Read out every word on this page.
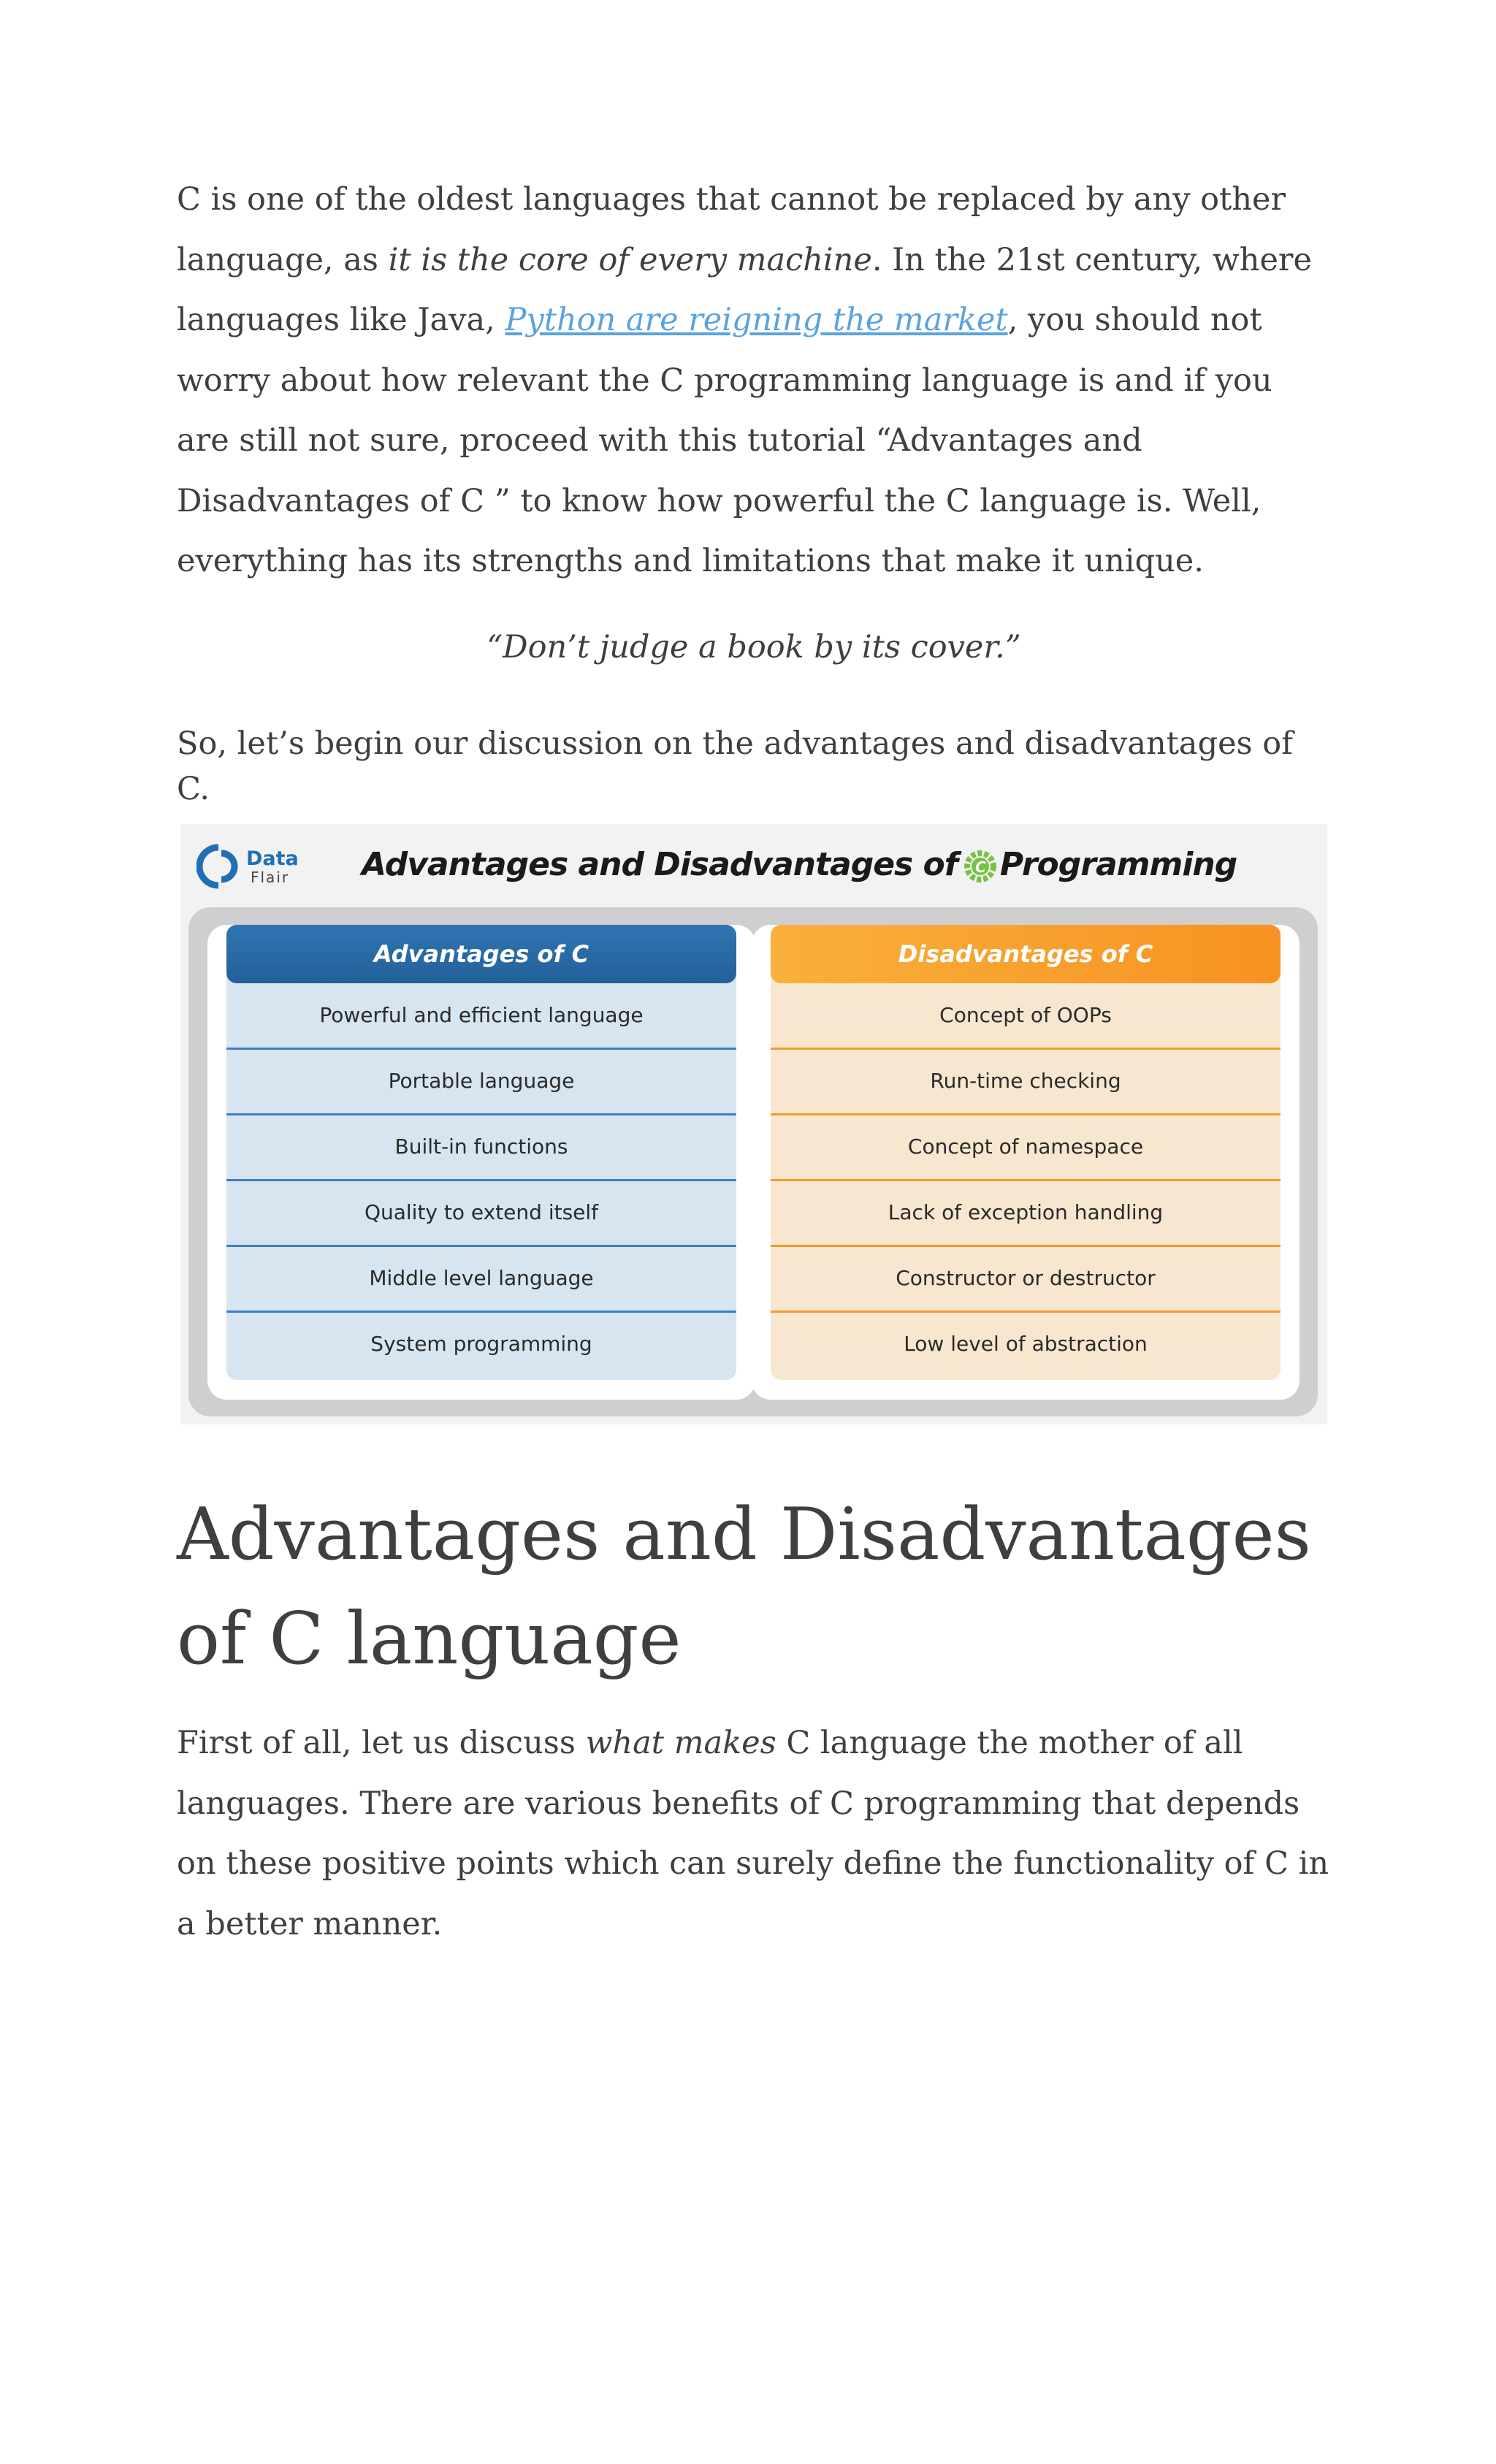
C is one of the oldest languages that cannot be replaced by any other language, as it is the core of every machine. In the 21st century, where languages like Java, Python are reigning the market, you should not worry about how relevant the C programming language is and if you are still not sure, proceed with this tutorial “Advantages and Disadvantages of C ” to know how powerful the C language is. Well, everything has its strengths and limitations that make it unique.

“Don’t judge a book by its cover.”

So, let’s begin our discussion on the advantages and disadvantages of C.

Data
Flair Advantages and Disadvantages of C Programming
Advantages of C
Powerful and efficient language
Portable language
Built-in functions
Quality to extend itself
Middle level language
System programming
Disadvantages of C
Concept of OOPs
Run-time checking
Concept of namespace
Lack of exception handling
Constructor or destructor
Low level of abstraction
Advantages and Disadvantages of C language

First of all, let us discuss what makes C language the mother of all languages. There are various benefits of C programming that depends on these positive points which can surely define the functionality of C in a better manner.
